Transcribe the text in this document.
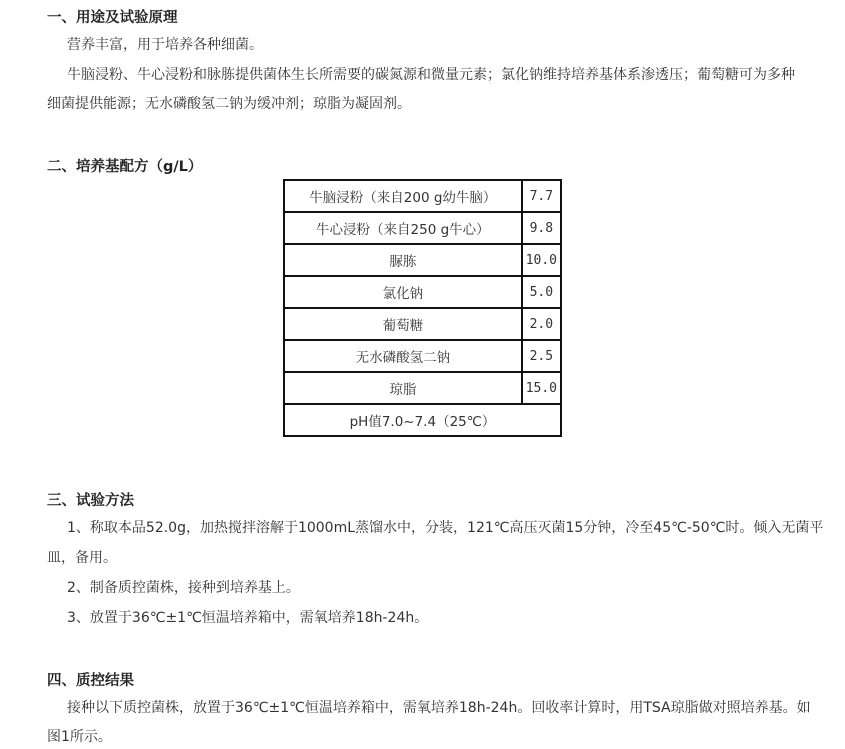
一、用途及试验原理
营养丰富，用于培养各种细菌。
牛脑浸粉、牛心浸粉和脉胨提供菌体生长所需要的碳氮源和微量元素；氯化钠维持培养基体系渗透压；葡萄糖可为多种
细菌提供能源；无水磷酸氢二钠为缓冲剂；琼脂为凝固剂。
二、培养基配方（g/L）
牛脑浸粉（来自200 g幼牛脑）	7.7
牛心浸粉（来自250 g牛心）	9.8
脲胨	10.0
氯化钠	5.0
葡萄糖	2.0
无水磷酸氢二钠	2.5
琼脂	15.0
pH值7.0~7.4（25℃）	
三、试验方法
1、称取本品52.0g，加热搅拌溶解于1000mL蒸馏水中，分装，121℃高压灭菌15分钟，冷至45℃-50℃时。倾入无菌平
皿，备用。
2、制备质控菌株，接种到培养基上。
3、放置于36℃±1℃恒温培养箱中，需氧培养18h-24h。
四、质控结果
接种以下质控菌株，放置于36℃±1℃恒温培养箱中，需氧培养18h-24h。回收率计算时，用TSA琼脂做对照培养基。如
图1所示。
